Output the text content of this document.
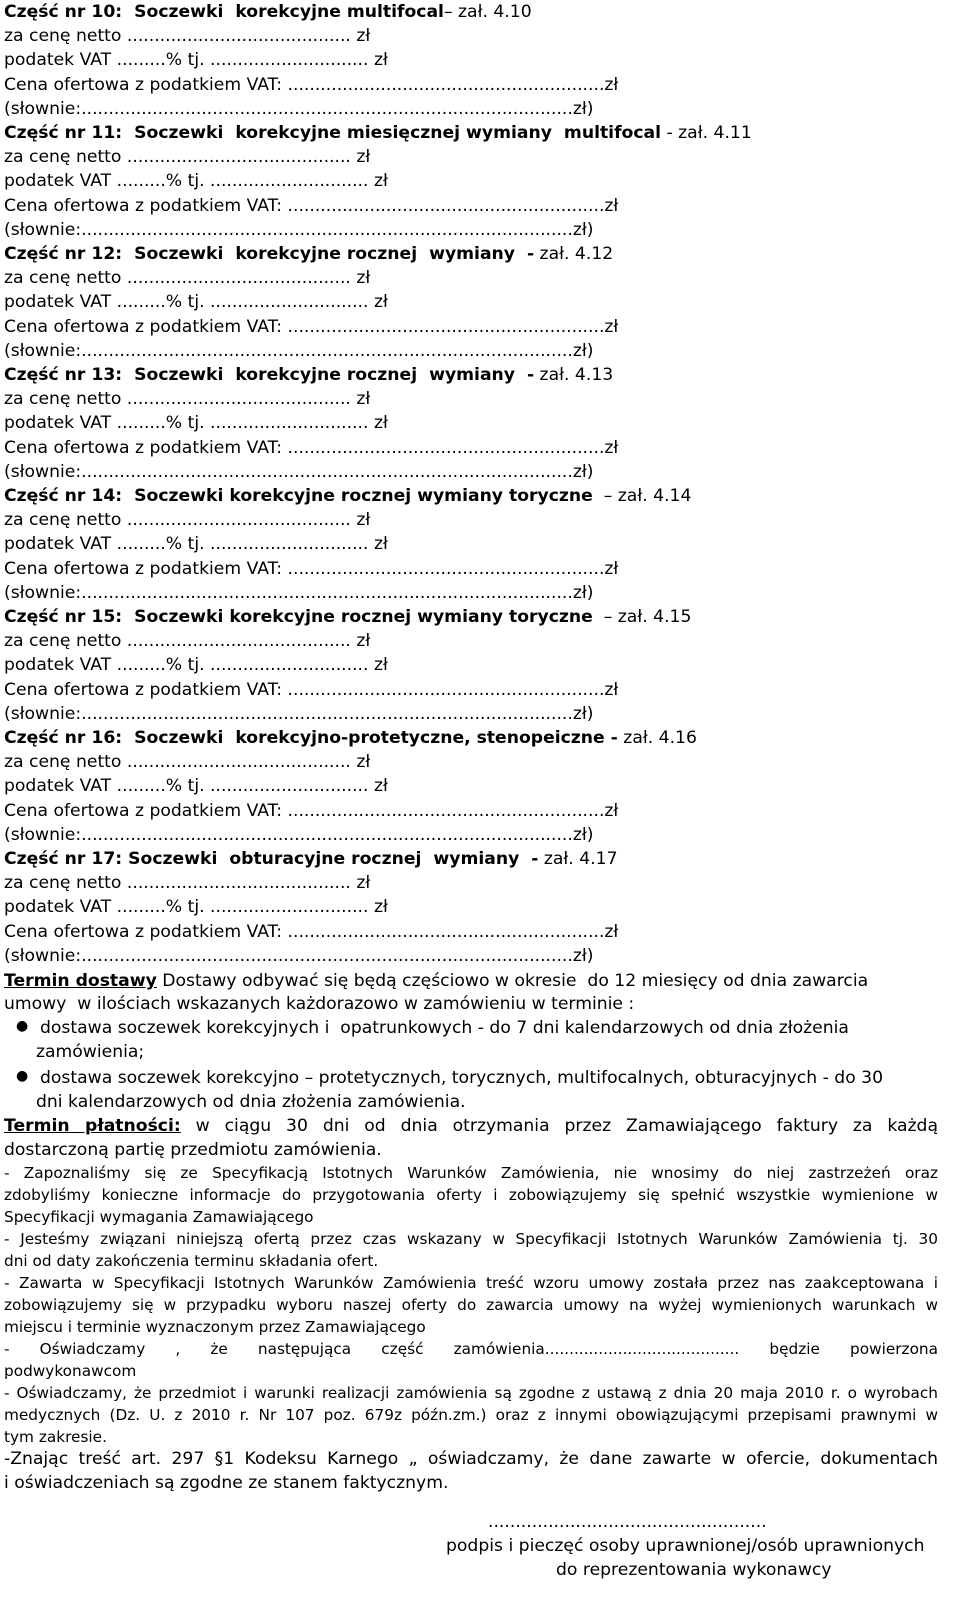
Część nr 10:  Soczewki  korekcyjne multifocal– zał. 4.10
za cenę netto ......................................... zł
podatek VAT .........% tj. ............................. zł
Cena ofertowa z podatkiem VAT: ..........................................................zł
(słownie:..........................................................................................zł)
Część nr 11:  Soczewki  korekcyjne miesięcznej wymiany  multifocal - zał. 4.11
za cenę netto ......................................... zł
podatek VAT .........% tj. ............................. zł
Cena ofertowa z podatkiem VAT: ..........................................................zł
(słownie:..........................................................................................zł)
Część nr 12:  Soczewki  korekcyjne rocznej  wymiany  - zał. 4.12
za cenę netto ......................................... zł
podatek VAT .........% tj. ............................. zł
Cena ofertowa z podatkiem VAT: ..........................................................zł
(słownie:..........................................................................................zł)
Część nr 13:  Soczewki  korekcyjne rocznej  wymiany  - zał. 4.13
za cenę netto ......................................... zł
podatek VAT .........% tj. ............................. zł
Cena ofertowa z podatkiem VAT: ..........................................................zł
(słownie:..........................................................................................zł)
Część nr 14:  Soczewki korekcyjne rocznej wymiany toryczne  – zał. 4.14
za cenę netto ......................................... zł
podatek VAT .........% tj. ............................. zł
Cena ofertowa z podatkiem VAT: ..........................................................zł
(słownie:..........................................................................................zł)
Część nr 15:  Soczewki korekcyjne rocznej wymiany toryczne  – zał. 4.15
za cenę netto ......................................... zł
podatek VAT .........% tj. ............................. zł
Cena ofertowa z podatkiem VAT: ..........................................................zł
(słownie:..........................................................................................zł)
Część nr 16:  Soczewki  korekcyjno-protetyczne, stenopeiczne - zał. 4.16
za cenę netto ......................................... zł
podatek VAT .........% tj. ............................. zł
Cena ofertowa z podatkiem VAT: ..........................................................zł
(słownie:..........................................................................................zł)
Część nr 17: Soczewki  obturacyjne rocznej  wymiany  - zał. 4.17
za cenę netto ......................................... zł
podatek VAT .........% tj. ............................. zł
Cena ofertowa z podatkiem VAT: ..........................................................zł
(słownie:..........................................................................................zł)
Termin dostawy Dostawy odbywać się będą częściowo w okresie  do 12 miesięcy od dnia zawarcia
umowy  w ilościach wskazanych każdorazowo w zamówieniu w terminie :
● dostawa soczewek korekcyjnych i  opatrunkowych - do 7 dni kalendarzowych od dnia złożenia
zamówienia;
● dostawa soczewek korekcyjno – protetycznych, torycznych, multifocalnych, obturacyjnych - do 30
dni kalendarzowych od dnia złożenia zamówienia.
Termin płatności: w ciągu 30 dni od dnia otrzymania przez Zamawiającego faktury za każdą
dostarczoną partię przedmiotu zamówienia.
- Zapoznaliśmy się ze Specyfikacją Istotnych Warunków Zamówienia, nie wnosimy do niej zastrzeżeń oraz
zdobyliśmy konieczne informacje do przygotowania oferty i zobowiązujemy się spełnić wszystkie wymienione w
Specyfikacji wymagania Zamawiającego
- Jesteśmy związani niniejszą ofertą przez czas wskazany w Specyfikacji Istotnych Warunków Zamówienia tj. 30
dni od daty zakończenia terminu składania ofert.
- Zawarta w Specyfikacji Istotnych Warunków Zamówienia treść wzoru umowy została przez nas zaakceptowana i
zobowiązujemy się w przypadku wyboru naszej oferty do zawarcia umowy na wyżej wymienionych warunkach w
miejscu i terminie wyznaczonym przez Zamawiającego
- Oświadczamy , że następująca część zamówienia........................................ będzie powierzona
podwykonawcom
- Oświadczamy, że przedmiot i warunki realizacji zamówienia są zgodne z ustawą z dnia 20 maja 2010 r. o wyrobach
medycznych (Dz. U. z 2010 r. Nr 107 poz. 679z późn.zm.) oraz z innymi obowiązującymi przepisami prawnymi w
tym zakresie.
-Znając treść art. 297 §1 Kodeksu Karnego „ oświadczamy, że dane zawarte w ofercie, dokumentach
i oświadczeniach są zgodne ze stanem faktycznym.
...................................................
podpis i pieczęć osoby uprawnionej/osób uprawnionych
do reprezentowania wykonawcy
